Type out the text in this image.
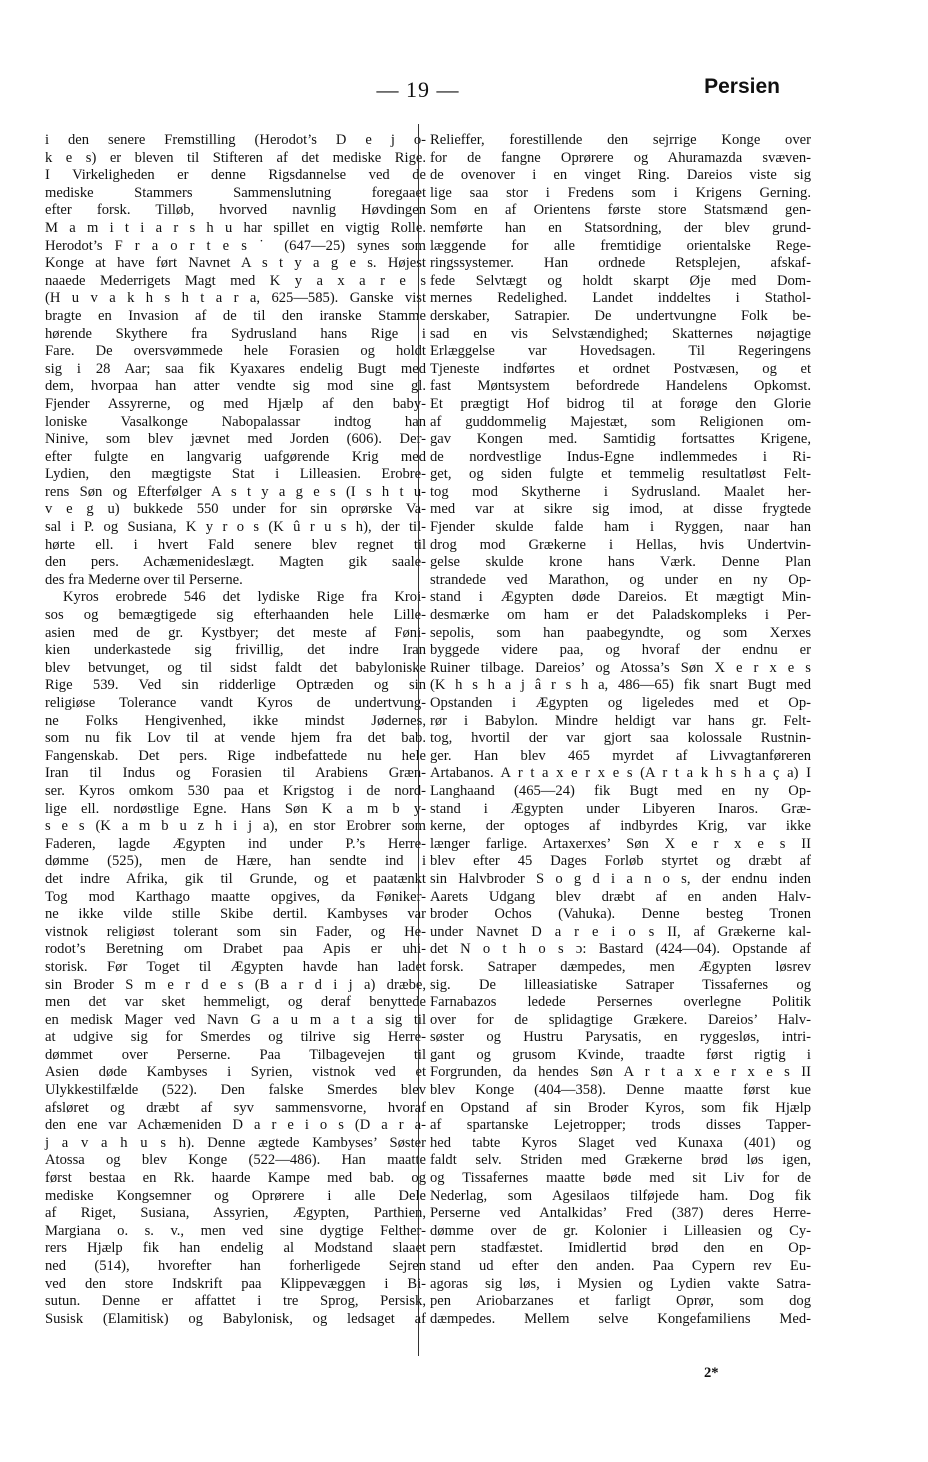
— 19 —	Persien
i den senere Fremstilling (Herodot’s D e j o-
k e s) er bleven til Stifteren af det mediske Rige.
I Virkeligheden er denne Rigsdannelse ved de
mediske Stammers Sammenslutning foregaaet
efter forsk. Tilløb, hvorved navnlig Høvdingen
M a m i t i a r s h u har spillet en vigtig Rolle.
Herodot’s F r a o r t e s ˙ (647—25) synes som
Konge at have ført Navnet A s t y a g e s. Højest
naaede Mederrigets Magt med K y a x a r e s
(H u v a k h s h t a r a, 625—585). Ganske vist
bragte en Invasion af de til den iranske Stamme
hørende Skythere fra Sydrusland hans Rige i
Fare. De oversvømmede hele Forasien og holdt
sig i 28 Aar; saa fik Kyaxares endelig Bugt med
dem, hvorpaa han atter vendte sig mod sine gl.
Fjender Assyrerne, og med Hjælp af den baby-
loniske Vasalkonge Nabopalassar indtog han
Ninive, som blev jævnet med Jorden (606). Der-
efter fulgte en langvarig uafgørende Krig med
Lydien, den mægtigste Stat i Lilleasien. Erobre-
rens Søn og Efterfølger A s t y a g e s (I s h t u-
v e g u) bukkede 550 under for sin oprørske Va-
sal i P. og Susiana, K y r o s (K û r u s h), der til-
hørte ell. i hvert Fald senere blev regnet til
den pers. Achæmenideslægt. Magten gik saale-
des fra Mederne over til Perserne.
Kyros erobrede 546 det lydiske Rige fra Kroi-
sos og bemægtigede sig efterhaanden hele Lille-
asien med de gr. Kystbyer; det meste af Føni-
kien underkastede sig frivillig, det indre Iran
blev betvunget, og til sidst faldt det babyloniske
Rige 539. Ved sin ridderlige Optræden og sin
religiøse Tolerance vandt Kyros de undertvung-
ne Folks Hengivenhed, ikke mindst Jødernes,
som nu fik Lov til at vende hjem fra det bab.
Fangenskab. Det pers. Rige indbefattede nu hele
Iran til Indus og Forasien til Arabiens Græn-
ser. Kyros omkom 530 paa et Krigstog i de nord-
lige ell. nordøstlige Egne. Hans Søn K a m b y-
s e s (K a m b u z h i j a), en stor Erobrer som
Faderen, lagde Ægypten ind under P.’s Herre-
dømme (525), men de Hære, han sendte ind i
det indre Afrika, gik til Grunde, og et paatænkt
Tog mod Karthago maatte opgives, da Føniker-
ne ikke vilde stille Skibe dertil. Kambyses var
vistnok religiøst tolerant som sin Fader, og He-
rodot’s Beretning om Drabet paa Apis er uhi-
storisk. Før Toget til Ægypten havde han ladet
sin Broder S m e r d e s (B a r d i j a) dræbe,
men det var sket hemmeligt, og deraf benyttede
en medisk Mager ved Navn G a u m a t a sig til
at udgive sig for Smerdes og tilrive sig Herre-
dømmet over Perserne. Paa Tilbagevejen til
Asien døde Kambyses i Syrien, vistnok ved et
Ulykkestilfælde (522). Den falske Smerdes blev
afsløret og dræbt af syv sammensvorne, hvoraf
den ene var Achæmeniden D a r e i o s (D a r a-
j a v a h u s h). Denne ægtede Kambyses’ Søster
Atossa og blev Konge (522—486). Han maatte
først bestaa en Rk. haarde Kampe med bab. og
mediske Kongsemner og Oprørere i alle Dele
af Riget, Susiana, Assyrien, Ægypten, Parthien,
Margiana o. s. v., men ved sine dygtige Felther-
rers Hjælp fik han endelig al Modstand slaaet
ned (514), hvorefter han forherligede Sejren
ved den store Indskrift paa Klippevæggen i Bi-
sutun. Denne er affattet i tre Sprog, Persisk,
Susisk (Elamitisk) og Babylonisk, og ledsaget af
Relieffer, forestillende den sejrrige Konge over
for de fangne Oprørere og Ahuramazda svæven-
de ovenover i en vinget Ring. Dareios viste sig
lige saa stor i Fredens som i Krigens Gerning.
Som en af Orientens første store Statsmænd gen-
nemførte han en Statsordning, der blev grund-
læggende for alle fremtidige orientalske Rege-
ringssystemer. Han ordnede Retsplejen, afskaf-
fede Selvtægt og holdt skarpt Øje med Dom-
mernes Redelighed. Landet inddeltes i Stathol-
derskaber, Satrapier. De undertvungne Folk be-
sad en vis Selvstændighed; Skatternes nøjagtige
Erlæggelse var Hovedsagen. Til Regeringens
Tjeneste indførtes et ordnet Postvæsen, og et
fast Møntsystem befordrede Handelens Opkomst.
Et prægtigt Hof bidrog til at forøge den Glorie
af guddommelig Majestæt, som Religionen om-
gav Kongen med. Samtidig fortsattes Krigene,
de nordvestlige Indus-Egne indlemmedes i Ri-
get, og siden fulgte et temmelig resultatløst Felt-
tog mod Skytherne i Sydrusland. Maalet her-
med var at sikre sig imod, at disse frygtede
Fjender skulde falde ham i Ryggen, naar han
drog mod Grækerne i Hellas, hvis Undertvin-
gelse skulde krone hans Værk. Denne Plan
strandede ved Marathon, og under en ny Op-
stand i Ægypten døde Dareios. Et mægtigt Min-
desmærke om ham er det Paladskompleks i Per-
sepolis, som han paabegyndte, og som Xerxes
byggede videre paa, og hvoraf der endnu er
Ruiner tilbage. Dareios’ og Atossa’s Søn X e r x e s
(K h s h a j â r s h a, 486—65) fik snart Bugt med
Opstanden i Ægypten og ligeledes med et Op-
rør i Babylon. Mindre heldigt var hans gr. Felt-
tog, hvortil der var gjort saa kolossale Rustnin-
ger. Han blev 465 myrdet af Livvagtanføreren
Artabanos. A r t a x e r x e s (A r t a k h s h a ç a) I
Langhaand (465—24) fik Bugt med en ny Op-
stand i Ægypten under Libyeren Inaros. Græ-
kerne, der optoges af indbyrdes Krig, var ikke
længer farlige. Artaxerxes’ Søn X e r x e s II
blev efter 45 Dages Forløb styrtet og dræbt af
sin Halvbroder S o g d i a n o s, der endnu inden
Aarets Udgang blev dræbt af en anden Halv-
broder Ochos (Vahuka). Denne besteg Tronen
under Navnet D a r e i o s II, af Grækerne kal-
det N o t h o s ɔ: Bastard (424—04). Opstande af
forsk. Satraper dæmpedes, men Ægypten løsrev
sig. De lilleasiatiske Satraper Tissafernes og
Farnabazos ledede Persernes overlegne Politik
over for de splidagtige Grækere. Dareios’ Halv-
søster og Hustru Parysatis, en ryggesløs, intri-
gant og grusom Kvinde, traadte først rigtig i
Forgrunden, da hendes Søn A r t a x e r x e s II
blev Konge (404—358). Denne maatte først kue
en Opstand af sin Broder Kyros, som fik Hjælp
af spartanske Lejetropper; trods disses Tapper-
hed tabte Kyros Slaget ved Kunaxa (401) og
faldt selv. Striden med Grækerne brød løs igen,
og Tissafernes maatte bøde med sit Liv for de
Nederlag, som Agesilaos tilføjede ham. Dog fik
Perserne ved Antalkidas’ Fred (387) deres Herre-
dømme over de gr. Kolonier i Lilleasien og Cy-
pern stadfæstet. Imidlertid brød den en Op-
stand ud efter den anden. Paa Cypern rev Eu-
agoras sig løs, i Mysien og Lydien vakte Satra-
pen Ariobarzanes et farligt Oprør, som dog
dæmpedes. Mellem selve Kongefamiliens Med-
2*
